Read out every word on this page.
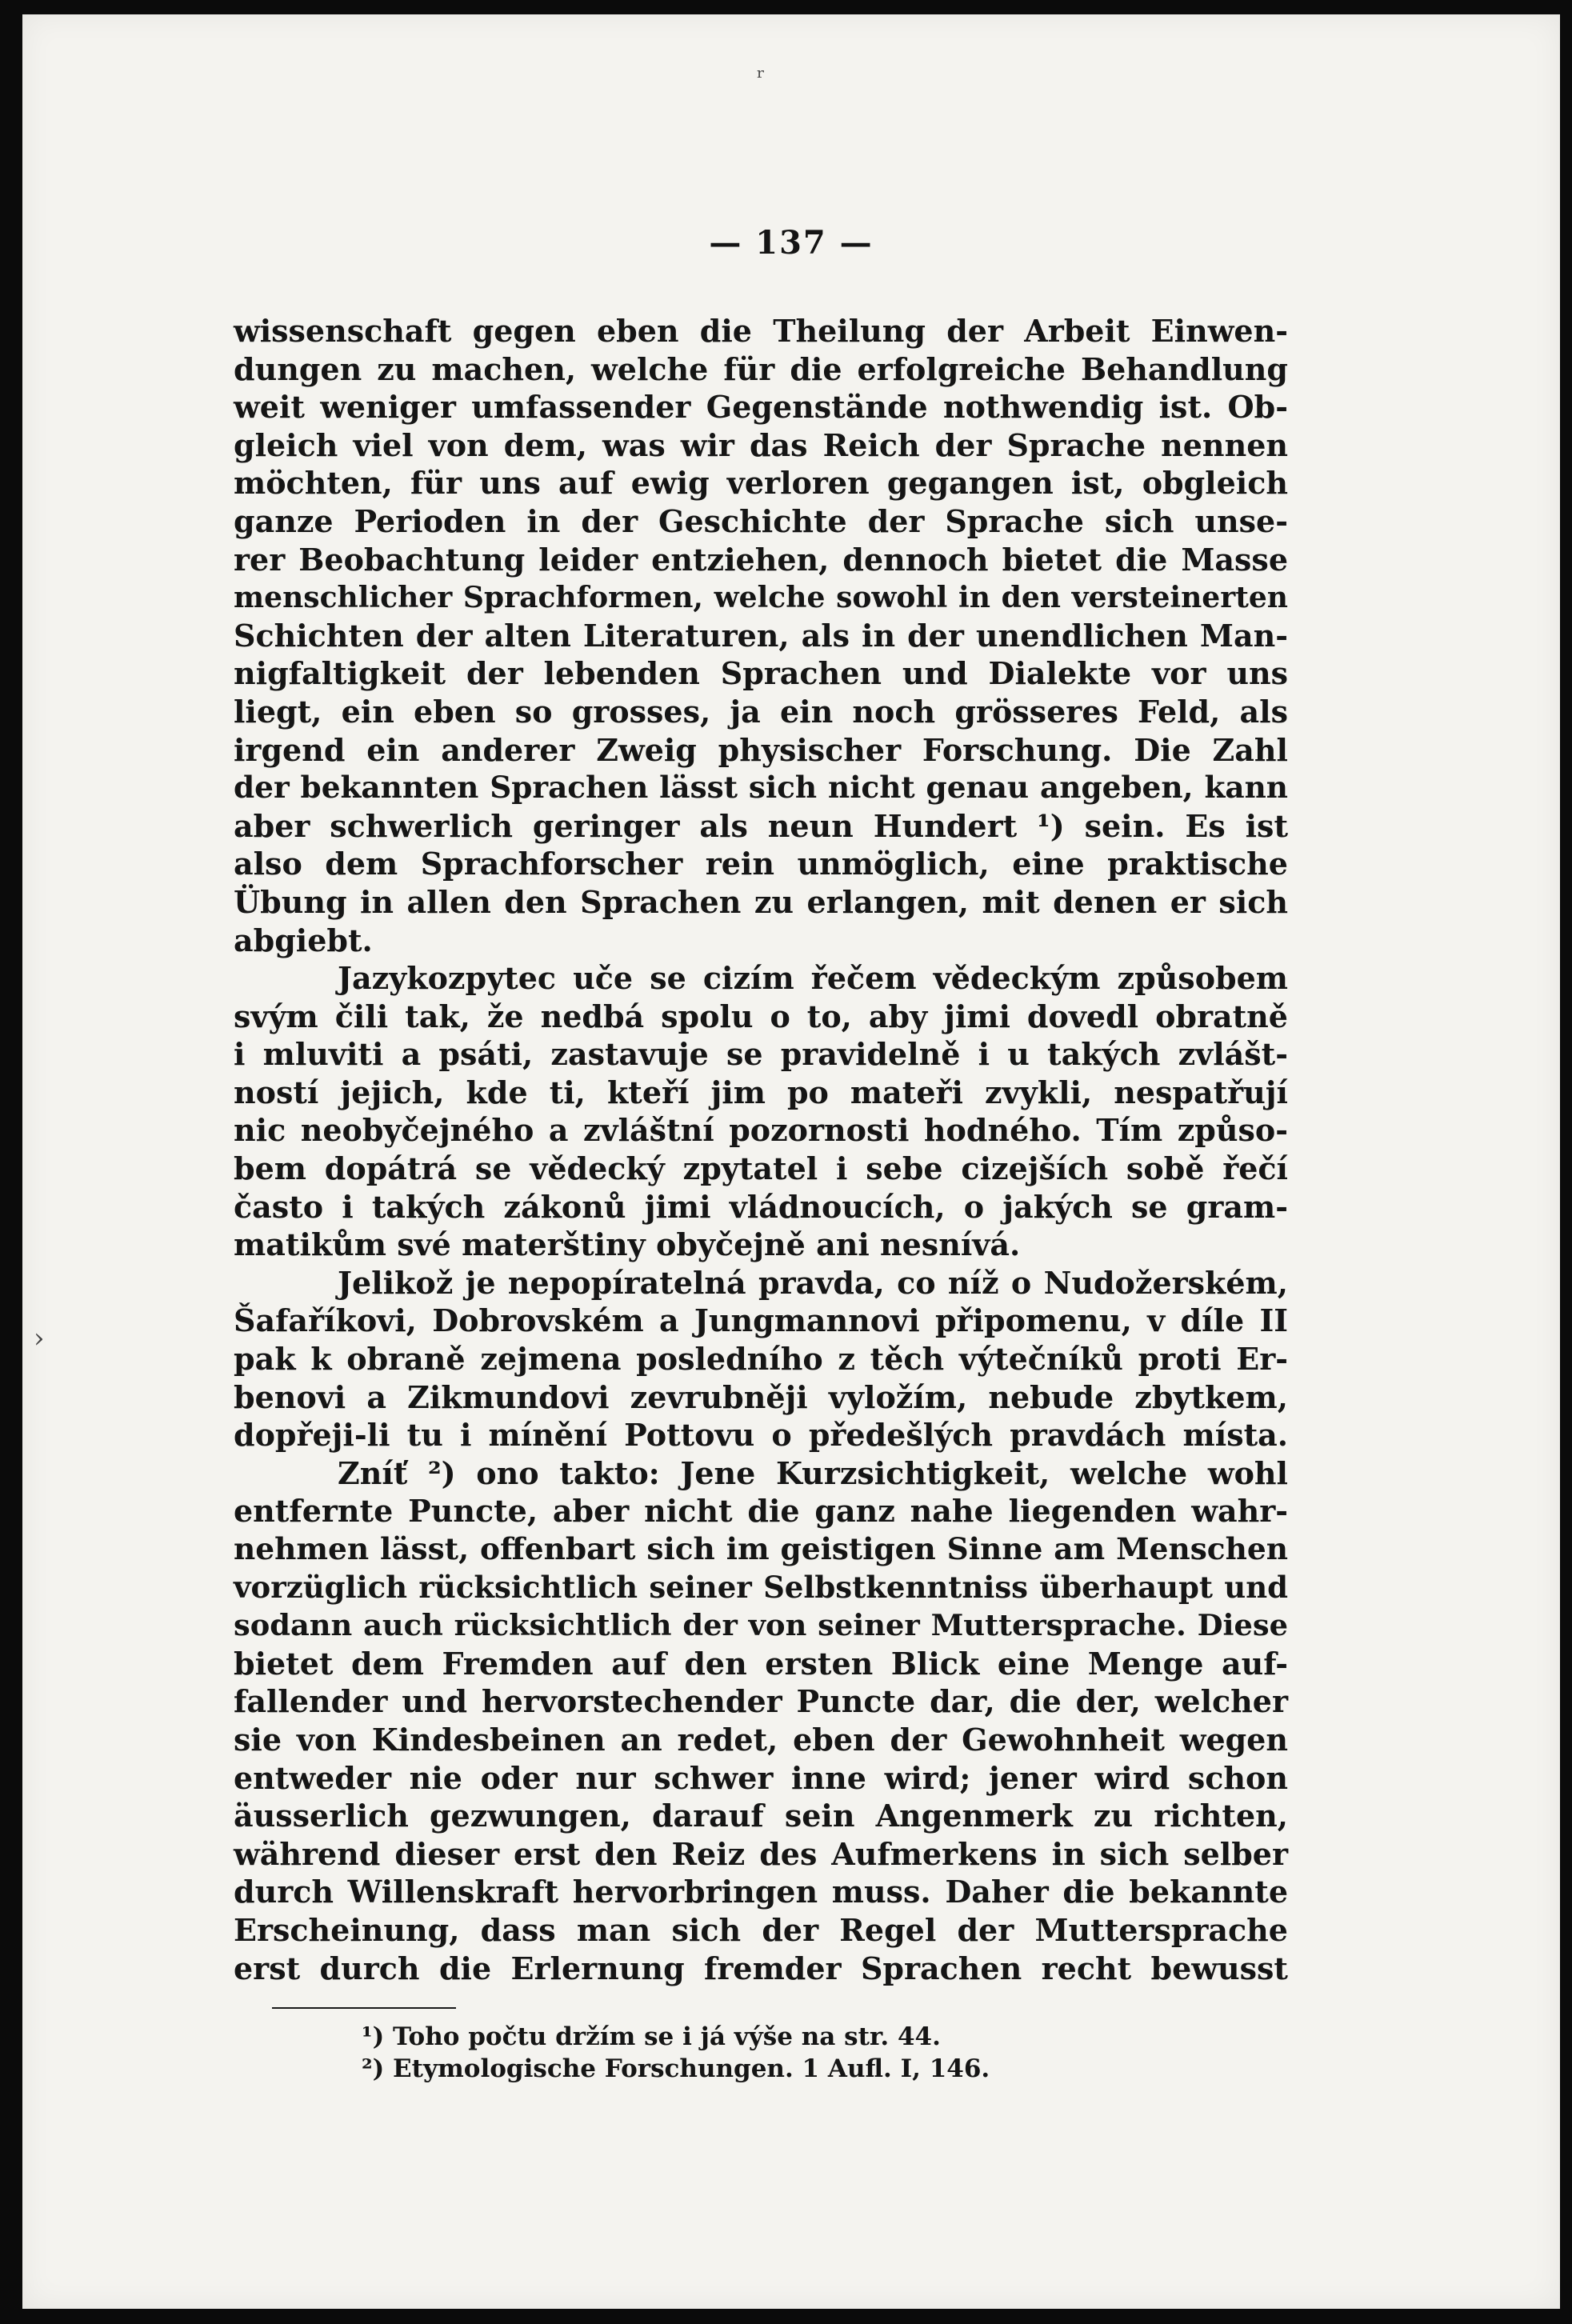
— 137 —
ʳ
›
wissenschaft gegen eben die Theilung der Arbeit Einwen-
dungen zu machen, welche für die erfolgreiche Behandlung
weit weniger umfassender Gegenstände nothwendig ist. Ob-
gleich viel von dem, was wir das Reich der Sprache nennen
möchten, für uns auf ewig verloren gegangen ist, obgleich
ganze Perioden in der Geschichte der Sprache sich unse-
rer Beobachtung leider entziehen, dennoch bietet die Masse
menschlicher Sprachformen, welche sowohl in den versteinerten
Schichten der alten Literaturen, als in der unendlichen Man-
nigfaltigkeit der lebenden Sprachen und Dialekte vor uns
liegt, ein eben so grosses, ja ein noch grösseres Feld, als
irgend ein anderer Zweig physischer Forschung. Die Zahl
der bekannten Sprachen lässt sich nicht genau angeben, kann
aber schwerlich geringer als neun Hundert ¹) sein. Es ist
also dem Sprachforscher rein unmöglich, eine praktische
Übung in allen den Sprachen zu erlangen, mit denen er sich
abgiebt.
Jazykozpytec uče se cizím řečem vědeckým způsobem
svým čili tak, že nedbá spolu o to, aby jimi dovedl obratně
i mluviti a psáti, zastavuje se pravidelně i u takých zvlášt-
ností jejich, kde ti, kteří jim po mateři zvykli, nespatřují
nic neobyčejného a zvláštní pozornosti hodného. Tím způso-
bem dopátrá se vědecký zpytatel i sebe cizejších sobě řečí
často i takých zákonů jimi vládnoucích, o jakých se gram-
matikům své materštiny obyčejně ani nesnívá.
Jelikož je nepopíratelná pravda, co níž o Nudožerském,
Šafaříkovi, Dobrovském a Jungmannovi připomenu, v díle II
pak k obraně zejmena posledního z těch výtečníků proti Er-
benovi a Zikmundovi zevrubněji vyložím, nebude zbytkem,
dopřeji-li tu i mínění Pottovu o předešlých pravdách místa.
Zníť ²) ono takto: Jene Kurzsichtigkeit, welche wohl
entfernte Puncte, aber nicht die ganz nahe liegenden wahr-
nehmen lässt, offenbart sich im geistigen Sinne am Menschen
vorzüglich rücksichtlich seiner Selbstkenntniss überhaupt und
sodann auch rücksichtlich der von seiner Muttersprache. Diese
bietet dem Fremden auf den ersten Blick eine Menge auf-
fallender und hervorstechender Puncte dar, die der, welcher
sie von Kindesbeinen an redet, eben der Gewohnheit wegen
entweder nie oder nur schwer inne wird; jener wird schon
äusserlich gezwungen, darauf sein Angenmerk zu richten,
während dieser erst den Reiz des Aufmerkens in sich selber
durch Willenskraft hervorbringen muss. Daher die bekannte
Erscheinung, dass man sich der Regel der Muttersprache
erst durch die Erlernung fremder Sprachen recht bewusst
¹) Toho počtu držím se i já výše na str. 44.
²) Etymologische Forschungen. 1 Aufl. I, 146.
